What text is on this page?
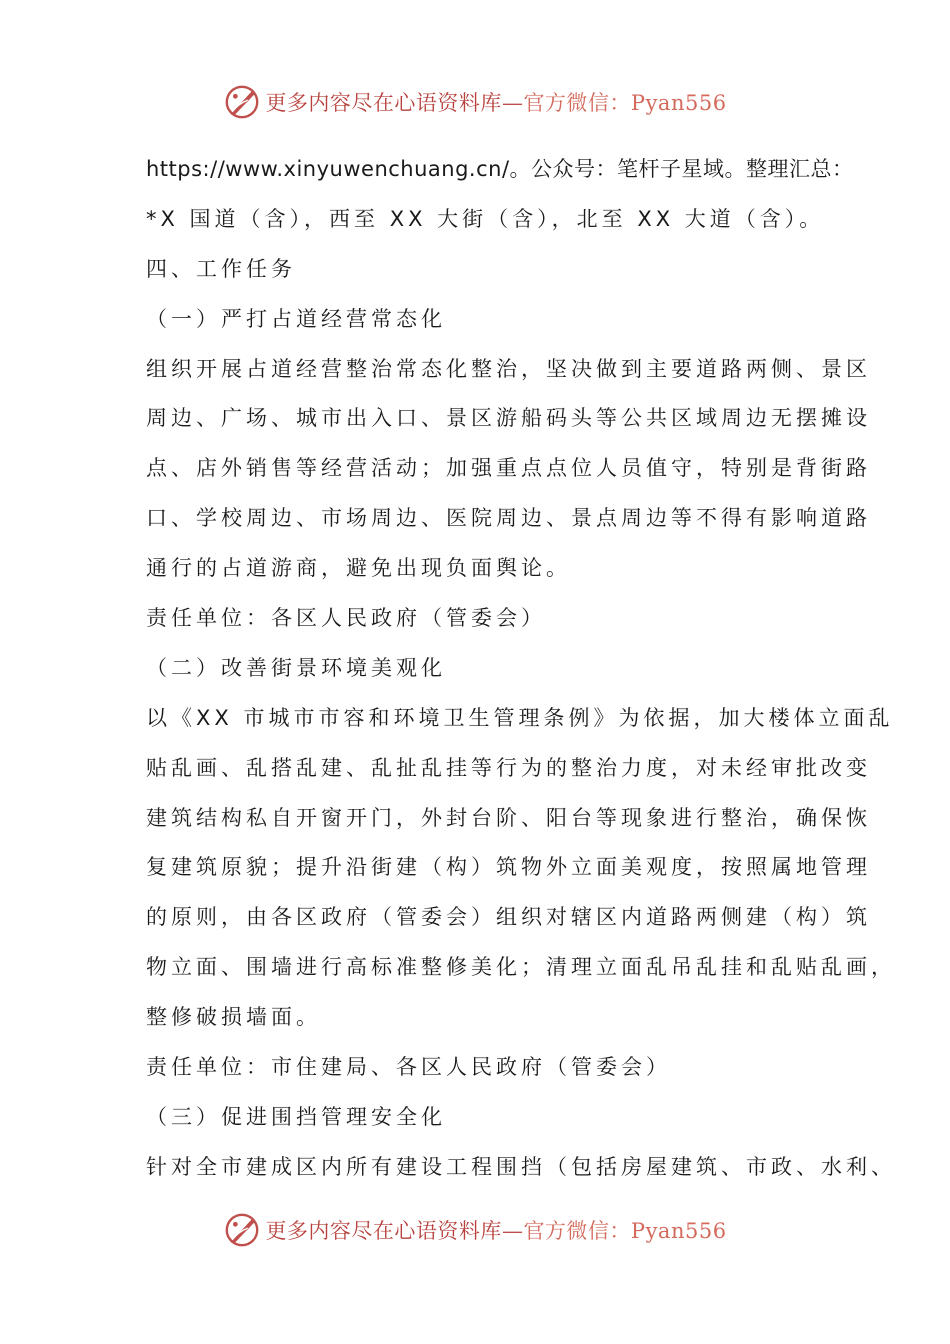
更多内容尽在心语资料库—官方微信：Pyan556
https://www.xinyuwenchuang.cn/。公众号：笔杆子星域。整理汇总：
*X 国道（含），西至 XX 大街（含），北至 XX 大道（含）。
四、工作任务
（一）严打占道经营常态化
组织开展占道经营整治常态化整治，坚决做到主要道路两侧、景区
周边、广场、城市出入口、景区游船码头等公共区域周边无摆摊设
点、店外销售等经营活动；加强重点点位人员值守，特别是背街路
口、学校周边、市场周边、医院周边、景点周边等不得有影响道路
通行的占道游商，避免出现负面舆论。
责任单位：各区人民政府（管委会）
（二）改善街景环境美观化
以《XX 市城市市容和环境卫生管理条例》为依据，加大楼体立面乱
贴乱画、乱搭乱建、乱扯乱挂等行为的整治力度，对未经审批改变
建筑结构私自开窗开门，外封台阶、阳台等现象进行整治，确保恢
复建筑原貌；提升沿街建（构）筑物外立面美观度，按照属地管理
的原则，由各区政府（管委会）组织对辖区内道路两侧建（构）筑
物立面、围墙进行高标准整修美化；清理立面乱吊乱挂和乱贴乱画，
整修破损墙面。
责任单位：市住建局、各区人民政府（管委会）
（三）促进围挡管理安全化
针对全市建成区内所有建设工程围挡（包括房屋建筑、市政、水利、
更多内容尽在心语资料库—官方微信：Pyan556
